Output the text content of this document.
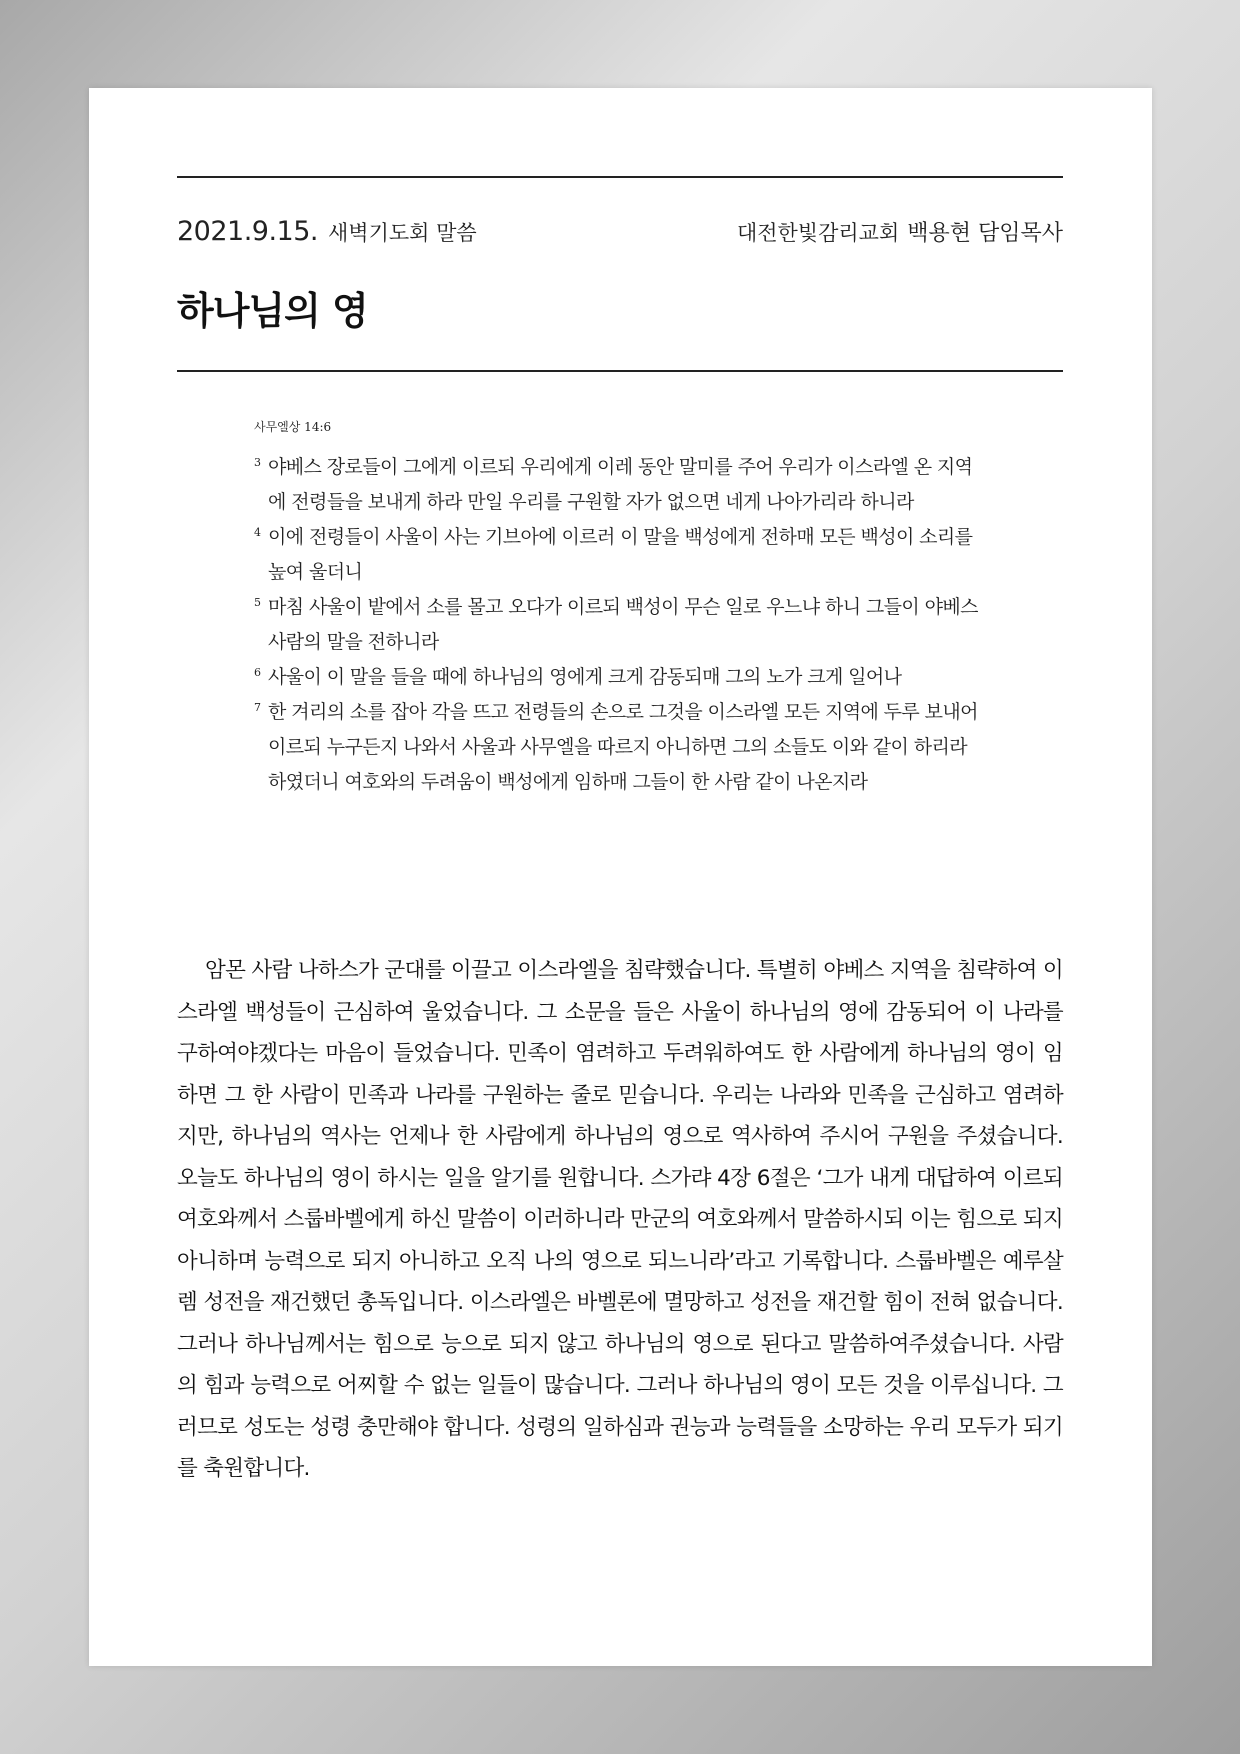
2021.9.15. 새벽기도회 말씀	대전한빛감리교회 백용현 담임목사
하나님의 영
사무엘상 14:6
3 야베스 장로들이 그에게 이르되 우리에게 이레 동안 말미를 주어 우리가 이스라엘 온 지역에 전령들을 보내게 하라 만일 우리를 구원할 자가 없으면 네게 나아가리라 하니라
4 이에 전령들이 사울이 사는 기브아에 이르러 이 말을 백성에게 전하매 모든 백성이 소리를 높여 울더니
5 마침 사울이 밭에서 소를 몰고 오다가 이르되 백성이 무슨 일로 우느냐 하니 그들이 야베스 사람의 말을 전하니라
6 사울이 이 말을 들을 때에 하나님의 영에게 크게 감동되매 그의 노가 크게 일어나
7 한 겨리의 소를 잡아 각을 뜨고 전령들의 손으로 그것을 이스라엘 모든 지역에 두루 보내어 이르되 누구든지 나와서 사울과 사무엘을 따르지 아니하면 그의 소들도 이와 같이 하리라 하였더니 여호와의 두려움이 백성에게 임하매 그들이 한 사람 같이 나온지라

암몬 사람 나하스가 군대를 이끌고 이스라엘을 침략했습니다. 특별히 야베스 지역을 침략하여 이스라엘 백성들이 근심하여 울었습니다. 그 소문을 들은 사울이 하나님의 영에 감동되어 이 나라를 구하여야겠다는 마음이 들었습니다. 민족이 염려하고 두려워하여도 한 사람에게 하나님의 영이 임하면 그 한 사람이 민족과 나라를 구원하는 줄로 믿습니다. 우리는 나라와 민족을 근심하고 염려하지만, 하나님의 역사는 언제나 한 사람에게 하나님의 영으로 역사하여 주시어 구원을 주셨습니다. 오늘도 하나님의 영이 하시는 일을 알기를 원합니다. 스가랴 4장 6절은 ‘그가 내게 대답하여 이르되 여호와께서 스룹바벨에게 하신 말씀이 이러하니라 만군의 여호와께서 말씀하시되 이는 힘으로 되지 아니하며 능력으로 되지 아니하고 오직 나의 영으로 되느니라’라고 기록합니다. 스룹바벨은 예루살렘 성전을 재건했던 총독입니다. 이스라엘은 바벨론에 멸망하고 성전을 재건할 힘이 전혀 없습니다. 그러나 하나님께서는 힘으로 능으로 되지 않고 하나님의 영으로 된다고 말씀하여주셨습니다. 사람의 힘과 능력으로 어찌할 수 없는 일들이 많습니다. 그러나 하나님의 영이 모든 것을 이루십니다. 그러므로 성도는 성령 충만해야 합니다. 성령의 일하심과 권능과 능력들을 소망하는 우리 모두가 되기를 축원합니다.
